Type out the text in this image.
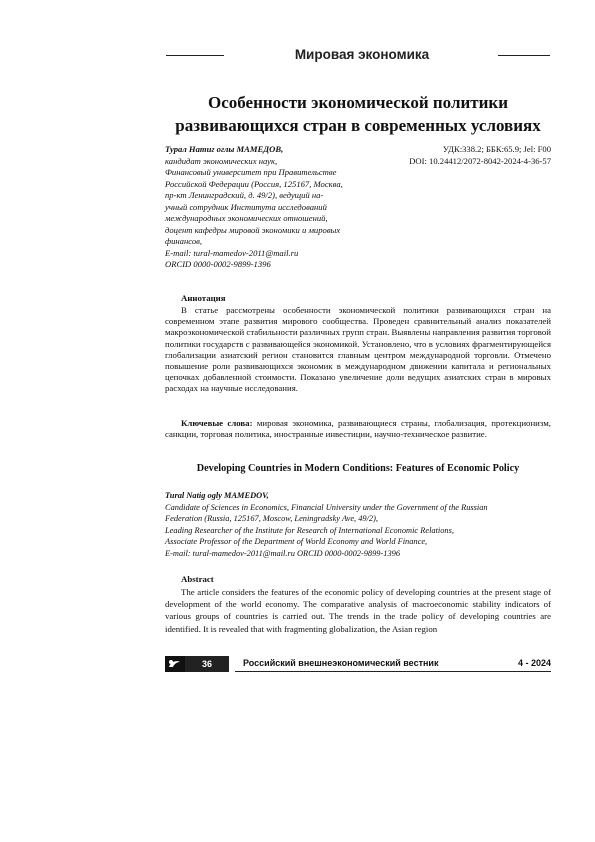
Мировая экономика
Особенности экономической политики
развивающихся стран в современных условиях
Турал Натиг оглы МАМЕДОВ,
кандидат экономических наук,
Финансовый университет при Правительстве
Российской Федерации (Россия, 125167, Москва,
пр-кт Ленинградский, д. 49/2), ведущий на-
учный сотрудник Института исследований
международных экономических отношений,
доцент кафедры мировой экономики и мировых
финансов,
E-mail: tural-mamedov-2011@mail.ru
ORCID 0000-0002-9899-1396
УДК:338.2; ББК:65.9; Jel: F00
DOI: 10.24412/2072-8042-2024-4-36-57
Аннотация
В статье рассмотрены особенности экономической политики развивающихся стран на современном этапе развития мирового сообщества. Проведен сравнительный анализ показателей макроэкономической стабильности различных групп стран. Выявлены направления развития торговой политики государств с развивающейся экономикой. Установлено, что в условиях фрагментирующейся глобализации азиатский регион становится главным центром международной торговли. Отмечено повышение роли развивающихся экономик в международном движении капитала и региональных цепочках добавленной стоимости. Показано увеличение доли ведущих азиатских стран в мировых расходах на научные исследования.
Ключевые слова: мировая экономика, развивающиеся страны, глобализация, протекционизм, санкции, торговая политика, иностранные инвестиции, научно-техническое развитие.
Developing Countries in Modern Conditions: Features of Economic Policy
Tural Natig ogly MAMEDOV,
Candidate of Sciences in Economics, Financial University under the Government of the Russian
Federation (Russia, 125167, Moscow, Leningradsky Ave, 49/2),
Leading Researcher of the Institute for Research of International Economic Relations,
Associate Professor of the Department of World Economy and World Finance,
E-mail: tural-mamedov-2011@mail.ru ORCID 0000-0002-9899-1396
Abstract
The article considers the features of the economic policy of developing countries at the present stage of development of the world economy. The comparative analysis of macroeconomic stability indicators of various groups of countries is carried out. The trends in the trade policy of developing countries are identified. It is revealed that with fragmenting globalization, the Asian region
36	Российский внешнеэкономический вестник	4 - 2024
